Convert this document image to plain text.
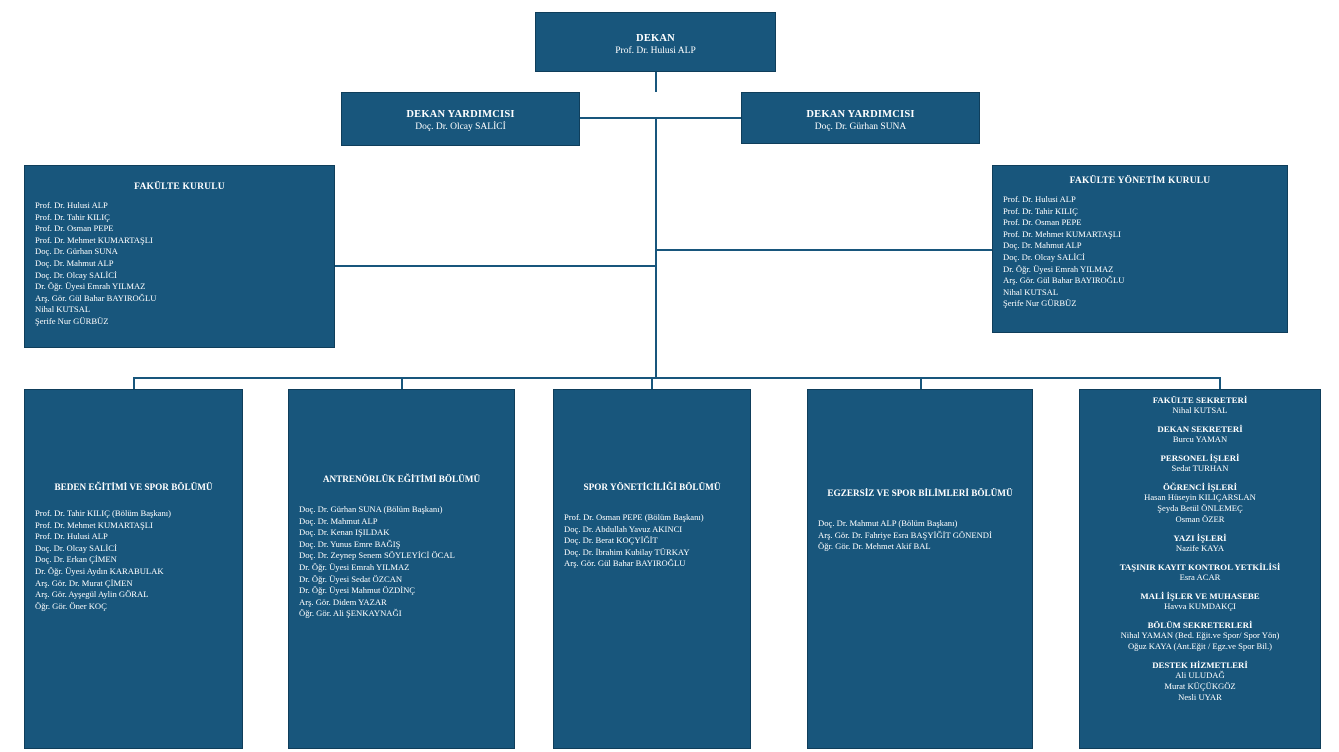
DEKAN
Prof. Dr. Hulusi ALP
DEKAN YARDIMCISI
Doç. Dr. Olcay SALİCİ
DEKAN YARDIMCISI
Doç. Dr. Gürhan SUNA
FAKÜLTE KURULU
Prof. Dr. Hulusi ALP
Prof. Dr. Tahir KILIÇ
Prof. Dr. Osman PEPE
Prof. Dr. Mehmet KUMARTAŞLI
Doç. Dr. Gürhan SUNA
Doç. Dr. Mahmut ALP
Doç. Dr. Olcay SALİCİ
Dr. Öğr. Üyesi Emrah YILMAZ
Arş. Gör. Gül Bahar BAYIROĞLU
Nihal KUTSAL
Şerife Nur GÜRBÜZ
FAKÜLTE YÖNETİM KURULU
Prof. Dr. Hulusi ALP
Prof. Dr. Tahir KILIÇ
Prof. Dr. Osman PEPE
Prof. Dr. Mehmet KUMARTAŞLI
Doç. Dr. Mahmut ALP
Doç. Dr. Olcay SALİCİ
Dr. Öğr. Üyesi Emrah YILMAZ
Arş. Gör. Gül Bahar BAYIROĞLU
Nihal KUTSAL
Şerife Nur GÜRBÜZ
BEDEN EĞİTİMİ VE SPOR BÖLÜMÜ
Prof. Dr. Tahir KILIÇ (Bölüm Başkanı)
Prof. Dr. Mehmet KUMARTAŞLI
Prof. Dr. Hulusi ALP
Doç. Dr. Olcay SALİCİ
Doç. Dr. Erkan ÇİMEN
Dr. Öğr. Üyesi Aydın KARABULAK
Arş. Gör. Dr. Murat ÇİMEN
Arş. Gör. Ayşegül Aylin GÖRAL
Öğr. Gör. Öner KOÇ
ANTRENÖRLÜK EĞİTİMİ BÖLÜMÜ
Doç. Dr. Gürhan SUNA (Bölüm Başkanı)
Doç. Dr. Mahmut ALP
Doç. Dr. Kenan IŞILDAK
Doç. Dr. Yunus Emre BAĞIŞ
Doç. Dr. Zeynep Senem SÖYLEYİCİ ÖCAL
Dr. Öğr. Üyesi Emrah YILMAZ
Dr. Öğr. Üyesi Sedat ÖZCAN
Dr. Öğr. Üyesi Mahmut ÖZDİNÇ
Arş. Gör. Didem YAZAR
Öğr. Gör. Ali ŞENKAYNAĞI
SPOR YÖNETİCİLİĞİ BÖLÜMÜ
Prof. Dr. Osman PEPE (Bölüm Başkanı)
Doç. Dr. Abdullah Yavuz AKINCI
Doç. Dr. Berat KOÇYİĞİT
Doç. Dr. İbrahim Kubilay TÜRKAY
Arş. Gör. Gül Bahar BAYIROĞLU
EGZERSİZ VE SPOR BİLİMLERİ BÖLÜMÜ
Doç. Dr. Mahmut ALP (Bölüm Başkanı)
Arş. Gör. Dr. Fahriye Esra BAŞYİĞİT GÖNENDİ
Öğr. Gör. Dr. Mehmet Akif BAL
FAKÜLTE SEKRETERİ
Nihal KUTSAL
DEKAN SEKRETERİ
Burcu YAMAN
PERSONEL İŞLERİ
Sedat TURHAN
ÖĞRENCİ İŞLERİ
Hasan Hüseyin KILIÇARSLAN
Şeyda Betül ÖNLEMEÇ
Osman ÖZER
YAZI İŞLERİ
Nazife KAYA
TAŞINIR KAYIT KONTROL YETKİLİSİ
Esra ACAR
MALİ İŞLER VE MUHASEBE
Havva KUMDAKÇI
BÖLÜM SEKRETERLERİ
Nihal YAMAN (Bed. Eğit.ve Spor/ Spor Yön)
Oğuz KAYA (Ant.Eğit / Egz.ve Spor Bil.)
DESTEK HİZMETLERİ
Ali ULUDAĞ
Murat KÜÇÜKGÖZ
Nesli UYAR
